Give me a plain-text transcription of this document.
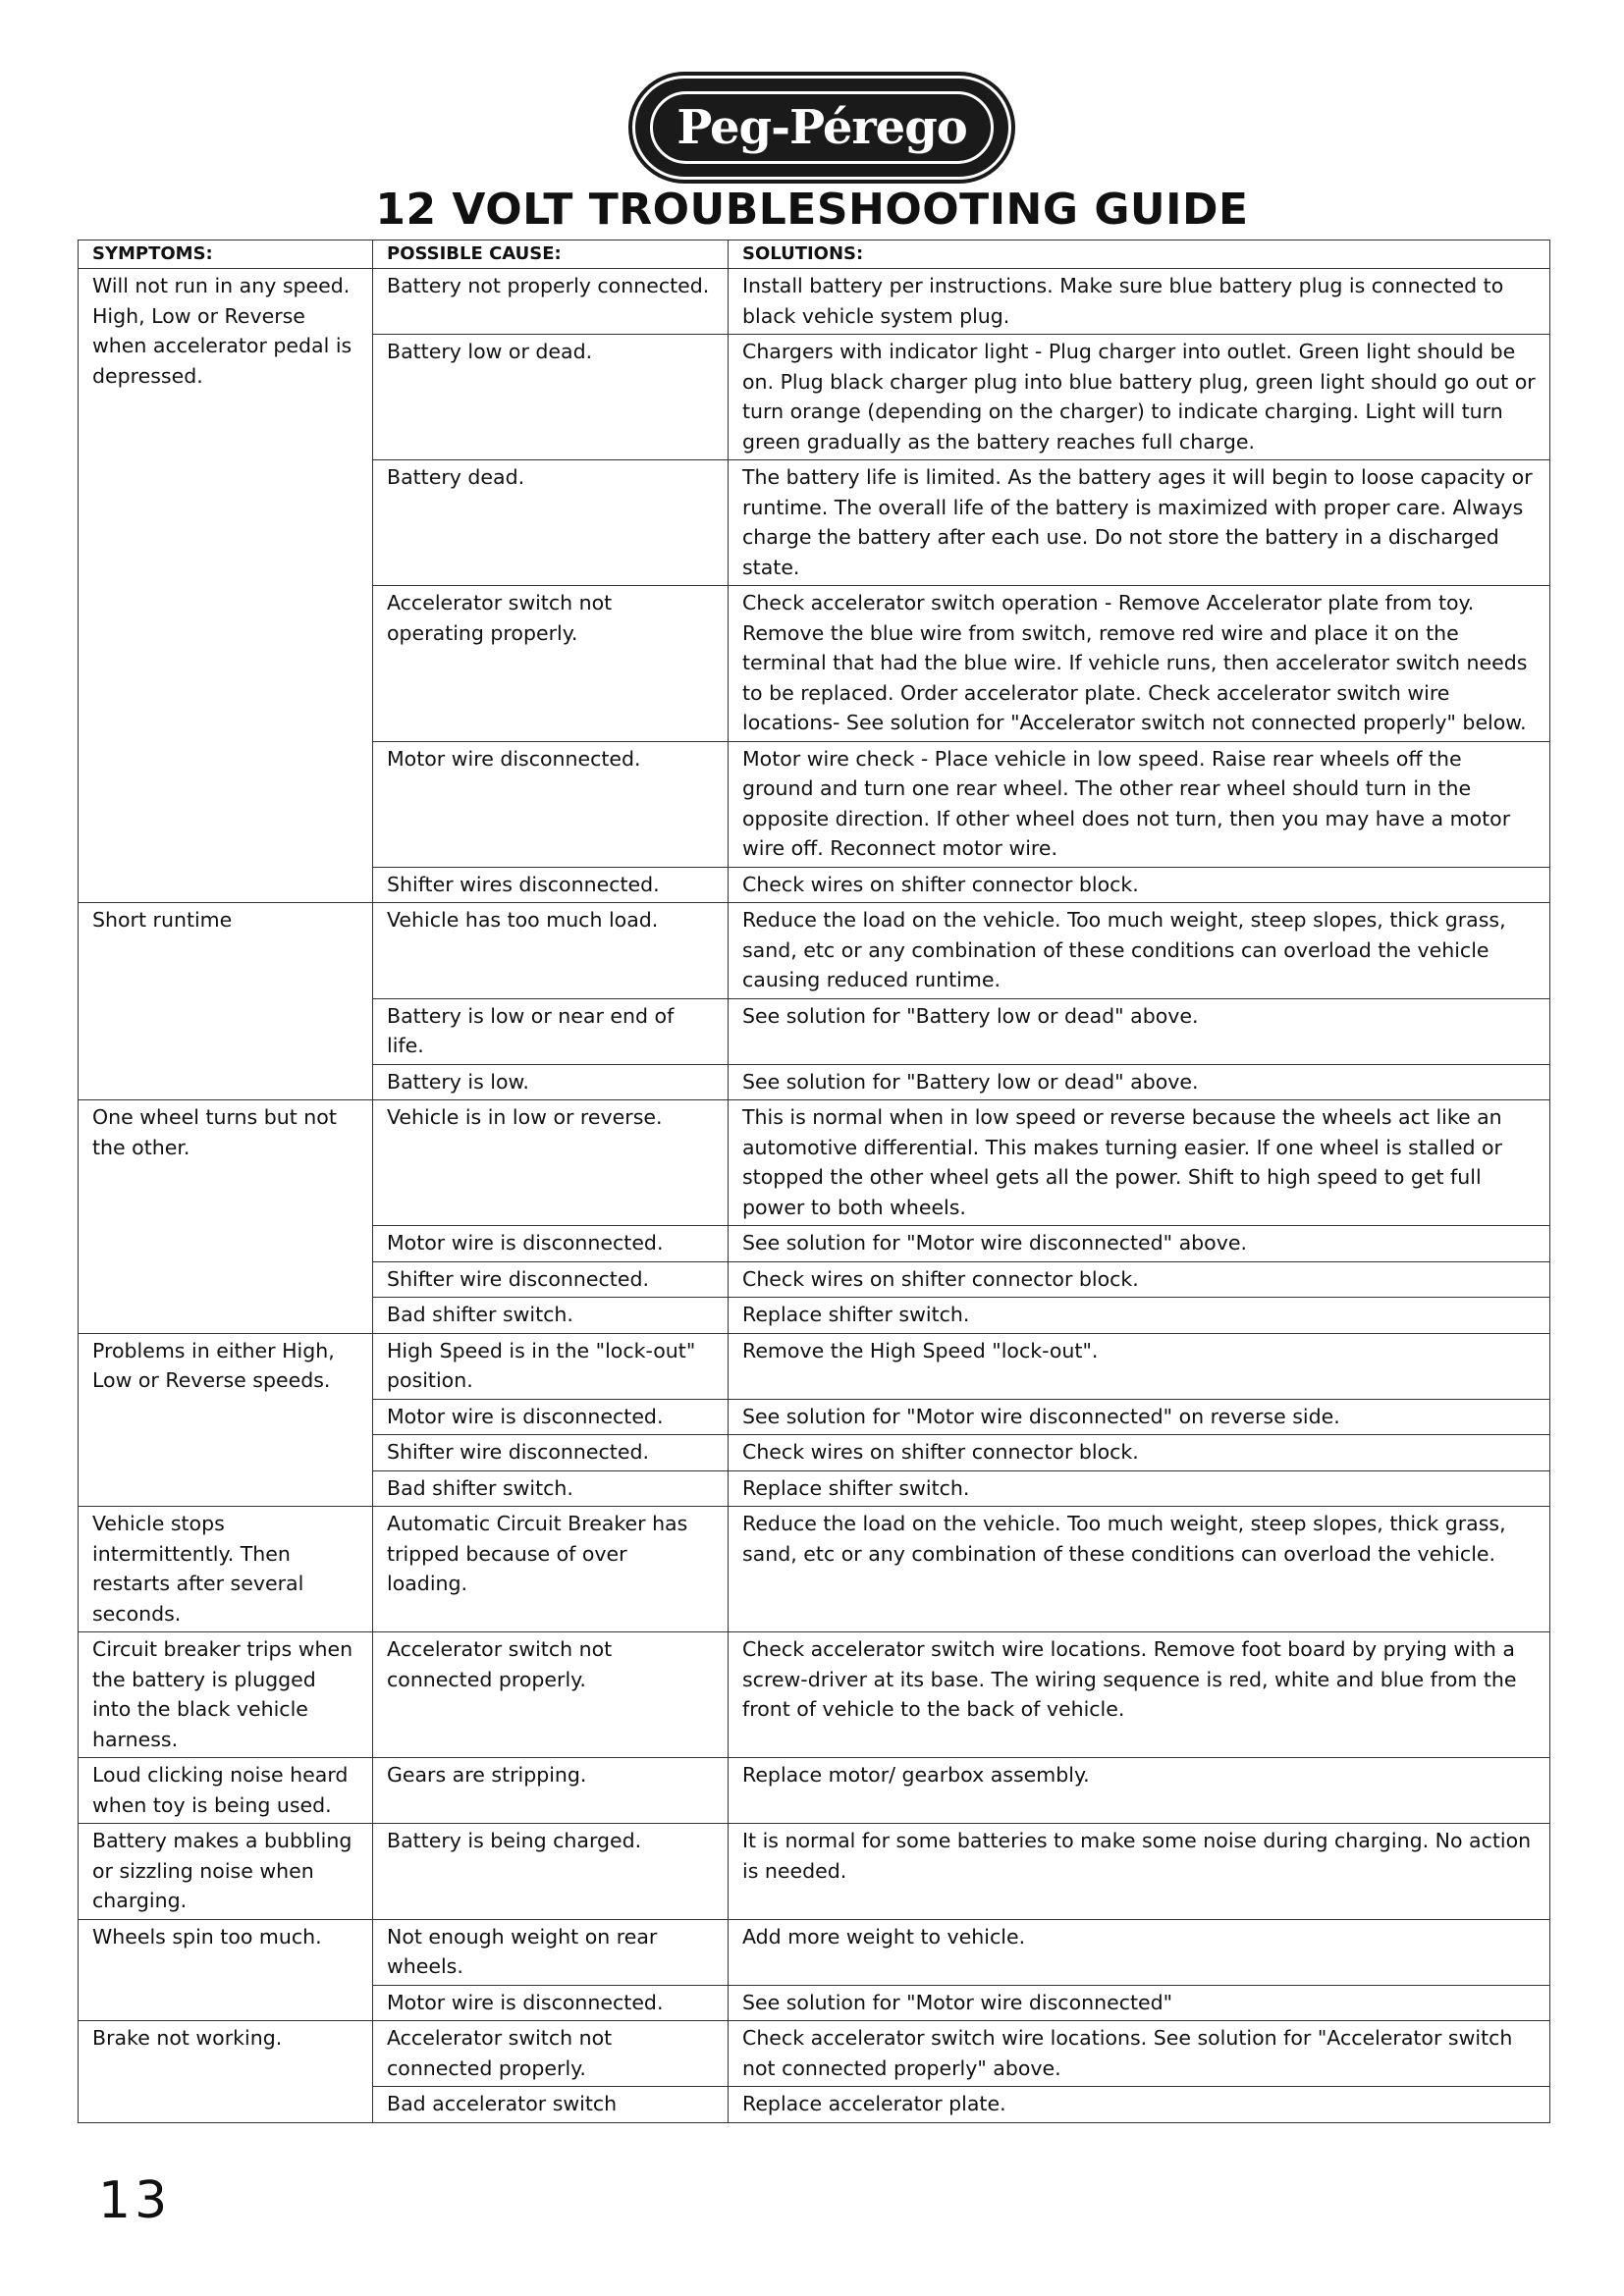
Peg-Pérego
12 VOLT TROUBLESHOOTING GUIDE
SYMPTOMS:	POSSIBLE CAUSE:	SOLUTIONS:
Will not run in any speed. High, Low or Reverse when accelerator pedal is depressed.	Battery not properly connected.	Install battery per instructions. Make sure blue battery plug is connected to black vehicle system plug.
	Battery low or dead.	Chargers with indicator light - Plug charger into outlet. Green light should be on. Plug black charger plug into blue battery plug, green light should go out or turn orange (depending on the charger) to indicate charging. Light will turn green gradually as the battery reaches full charge.
	Battery dead.	The battery life is limited. As the battery ages it will begin to loose capacity or runtime. The overall life of the battery is maximized with proper care. Always charge the battery after each use. Do not store the battery in a discharged state.
	Accelerator switch not operating properly.	Check accelerator switch operation - Remove Accelerator plate from toy. Remove the blue wire from switch, remove red wire and place it on the terminal that had the blue wire. If vehicle runs, then accelerator switch needs to be replaced. Order accelerator plate. Check accelerator switch wire locations- See solution for "Accelerator switch not connected properly" below.
	Motor wire disconnected.	Motor wire check - Place vehicle in low speed. Raise rear wheels off the ground and turn one rear wheel. The other rear wheel should turn in the opposite direction. If other wheel does not turn, then you may have a motor wire off. Reconnect motor wire.
	Shifter wires disconnected.	Check wires on shifter connector block.
Short runtime	Vehicle has too much load.	Reduce the load on the vehicle. Too much weight, steep slopes, thick grass, sand, etc or any combination of these conditions can overload the vehicle causing reduced runtime.
	Battery is low or near end of life.	See solution for "Battery low or dead" above.
	Battery is low.	See solution for "Battery low or dead" above.
One wheel turns but not the other.	Vehicle is in low or reverse.	This is normal when in low speed or reverse because the wheels act like an automotive differential. This makes turning easier. If one wheel is stalled or stopped the other wheel gets all the power. Shift to high speed to get full power to both wheels.
	Motor wire is disconnected.	See solution for "Motor wire disconnected" above.
	Shifter wire disconnected.	Check wires on shifter connector block.
	Bad shifter switch.	Replace shifter switch.
Problems in either High, Low or Reverse speeds.	High Speed is in the "lock-out" position.	Remove the High Speed "lock-out".
	Motor wire is disconnected.	See solution for "Motor wire disconnected" on reverse side.
	Shifter wire disconnected.	Check wires on shifter connector block.
	Bad shifter switch.	Replace shifter switch.
Vehicle stops intermittently. Then restarts after several seconds.	Automatic Circuit Breaker has tripped because of over loading.	Reduce the load on the vehicle. Too much weight, steep slopes, thick grass, sand, etc or any combination of these conditions can overload the vehicle.
Circuit breaker trips when the battery is plugged into the black vehicle harness.	Accelerator switch not connected properly.	Check accelerator switch wire locations. Remove foot board by prying with a screw-driver at its base. The wiring sequence is red, white and blue from the front of vehicle to the back of vehicle.
Loud clicking noise heard when toy is being used.	Gears are stripping.	Replace motor/ gearbox assembly.
Battery makes a bubbling or sizzling noise when charging.	Battery is being charged.	It is normal for some batteries to make some noise during charging. No action is needed.
Wheels spin too much.	Not enough weight on rear wheels.	Add more weight to vehicle.
	Motor wire is disconnected.	See solution for "Motor wire disconnected"
Brake not working.	Accelerator switch not connected properly.	Check accelerator switch wire locations. See solution for "Accelerator switch not connected properly" above.
	Bad accelerator switch	Replace accelerator plate.
13
